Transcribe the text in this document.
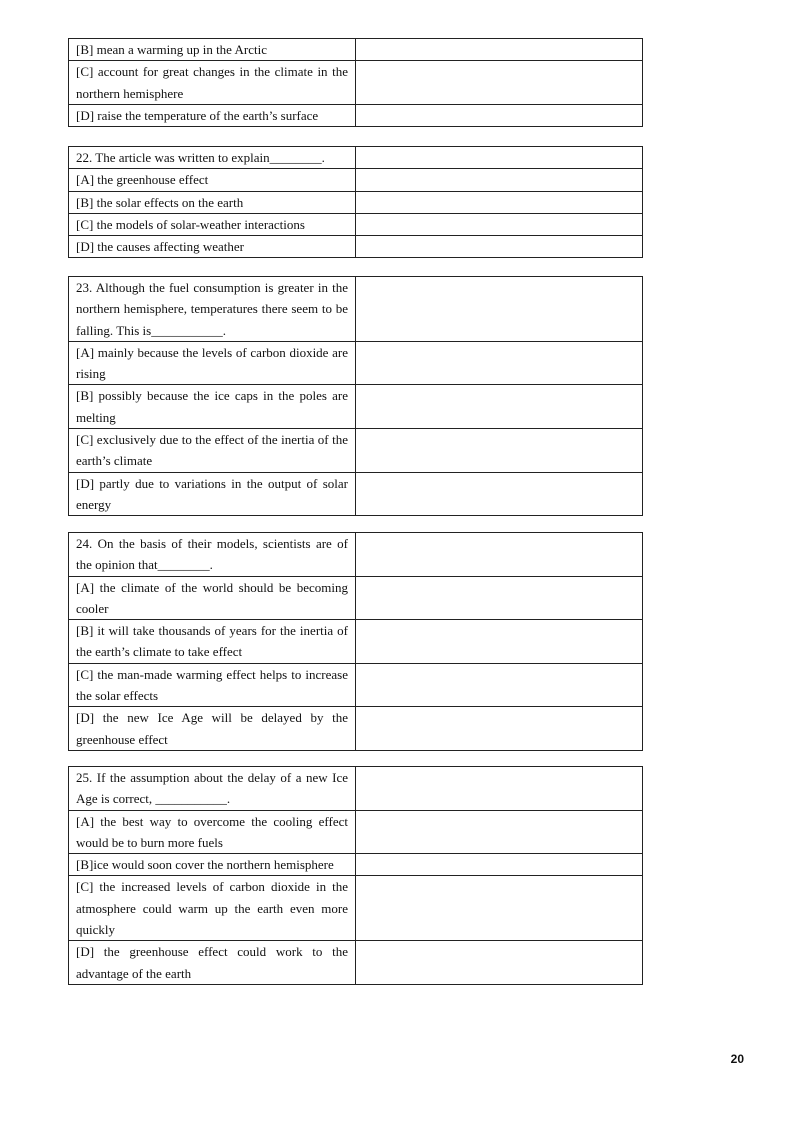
[B] mean a warming up in the Arctic	
[C] account for great changes in the climate in the northern hemisphere	
[D] raise the temperature of the earth’s surface	
22. The article was written to explain________.	
[A] the greenhouse effect	
[B] the solar effects on the earth	
[C] the models of solar-weather interactions	
[D] the causes affecting weather	
23. Although the fuel consumption is greater in the northern hemisphere, temperatures there seem to be falling. This is___________.	
[A] mainly because the levels of carbon dioxide are rising	
[B] possibly because the ice caps in the poles are melting	
[C] exclusively due to the effect of the inertia of the earth’s climate	
[D] partly due to variations in the output of solar energy	
24. On the basis of their models, scientists are of the opinion that________.	
[A] the climate of the world should be becoming cooler	
[B] it will take thousands of years for the inertia of the earth’s climate to take effect	
[C] the man-made warming effect helps to increase the solar effects	
[D] the new Ice Age will be delayed by the greenhouse effect	
25. If the assumption about the delay of a new Ice Age is correct, ___________.	
[A] the best way to overcome the cooling effect would be to burn more fuels	
[B]ice would soon cover the northern hemisphere	
[C] the increased levels of carbon dioxide in the atmosphere could warm up the earth even more quickly	
[D] the greenhouse effect could work to the advantage of the earth	
20
